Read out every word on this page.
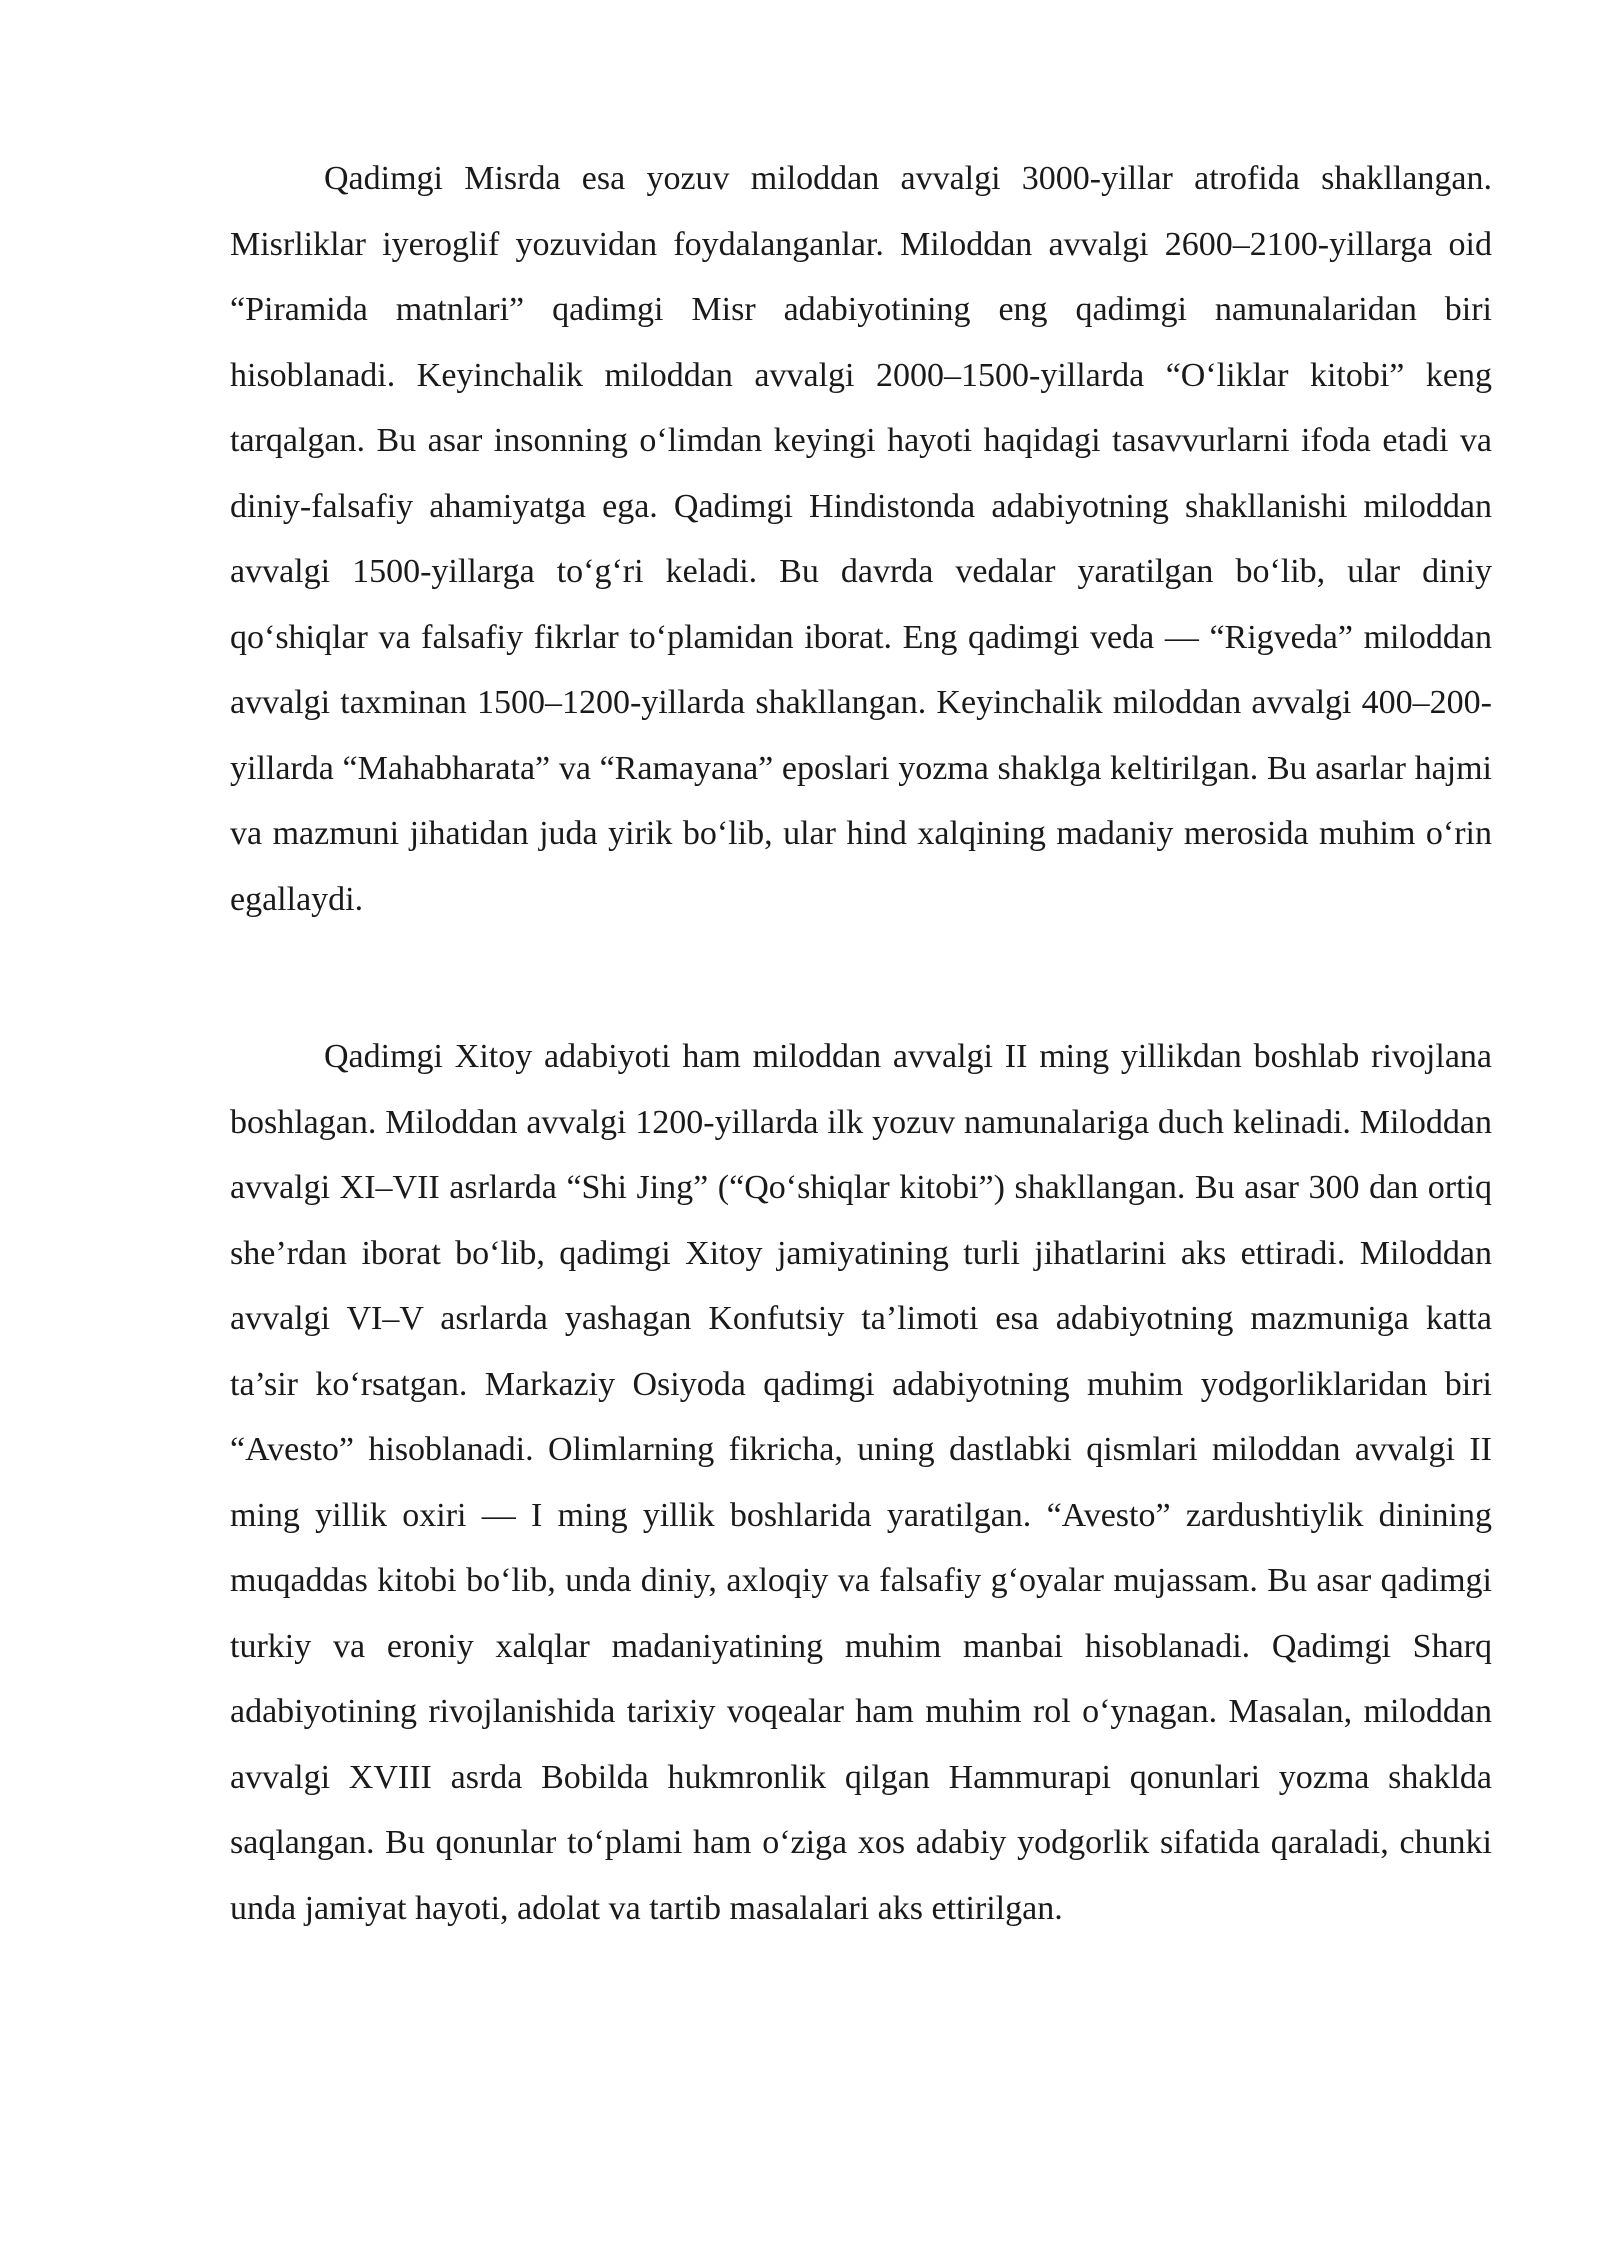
Qadimgi Misrda esa yozuv miloddan avvalgi 3000-yillar atrofida shakllangan. Misrliklar iyeroglif yozuvidan foydalanganlar. Miloddan avvalgi 2600–2100-yillarga oid “Piramida matnlari” qadimgi Misr adabiyotining eng qadimgi namunalaridan biri hisoblanadi. Keyinchalik miloddan avvalgi 2000–1500-yillarda “O‘liklar kitobi” keng tarqalgan. Bu asar insonning o‘limdan keyingi hayoti haqidagi tasavvurlarni ifoda etadi va diniy-falsafiy ahamiyatga ega. Qadimgi Hindistonda adabiyotning shakllanishi miloddan avvalgi 1500-yillarga to‘g‘ri keladi. Bu davrda vedalar yaratilgan bo‘lib, ular diniy qo‘shiqlar va falsafiy fikrlar to‘plamidan iborat. Eng qadimgi veda — “Rigveda” miloddan avvalgi taxminan 1500–1200-yillarda shakllangan. Keyinchalik miloddan avvalgi 400–200-yillarda “Mahabharata” va “Ramayana” eposlari yozma shaklga keltirilgan. Bu asarlar hajmi va mazmuni jihatidan juda yirik bo‘lib, ular hind xalqining madaniy merosida muhim o‘rin egallaydi.

Qadimgi Xitoy adabiyoti ham miloddan avvalgi II ming yillikdan boshlab rivojlana boshlagan. Miloddan avvalgi 1200-yillarda ilk yozuv namunalariga duch kelinadi. Miloddan avvalgi XI–VII asrlarda “Shi Jing” (“Qo‘shiqlar kitobi”) shakllangan. Bu asar 300 dan ortiq she’rdan iborat bo‘lib, qadimgi Xitoy jamiyatining turli jihatlarini aks ettiradi. Miloddan avvalgi VI–V asrlarda yashagan Konfutsiy ta’limoti esa adabiyotning mazmuniga katta ta’sir ko‘rsatgan. Markaziy Osiyoda qadimgi adabiyotning muhim yodgorliklaridan biri “Avesto” hisoblanadi. Olimlarning fikricha, uning dastlabki qismlari miloddan avvalgi II ming yillik oxiri — I ming yillik boshlarida yaratilgan. “Avesto” zardushtiylik dinining muqaddas kitobi bo‘lib, unda diniy, axloqiy va falsafiy g‘oyalar mujassam. Bu asar qadimgi turkiy va eroniy xalqlar madaniyatining muhim manbai hisoblanadi. Qadimgi Sharq adabiyotining rivojlanishida tarixiy voqealar ham muhim rol o‘ynagan. Masalan, miloddan avvalgi XVIII asrda Bobilda hukmronlik qilgan Hammurapi qonunlari yozma shaklda saqlangan. Bu qonunlar to‘plami ham o‘ziga xos adabiy yodgorlik sifatida qaraladi, chunki unda jamiyat hayoti, adolat va tartib masalalari aks ettirilgan.
